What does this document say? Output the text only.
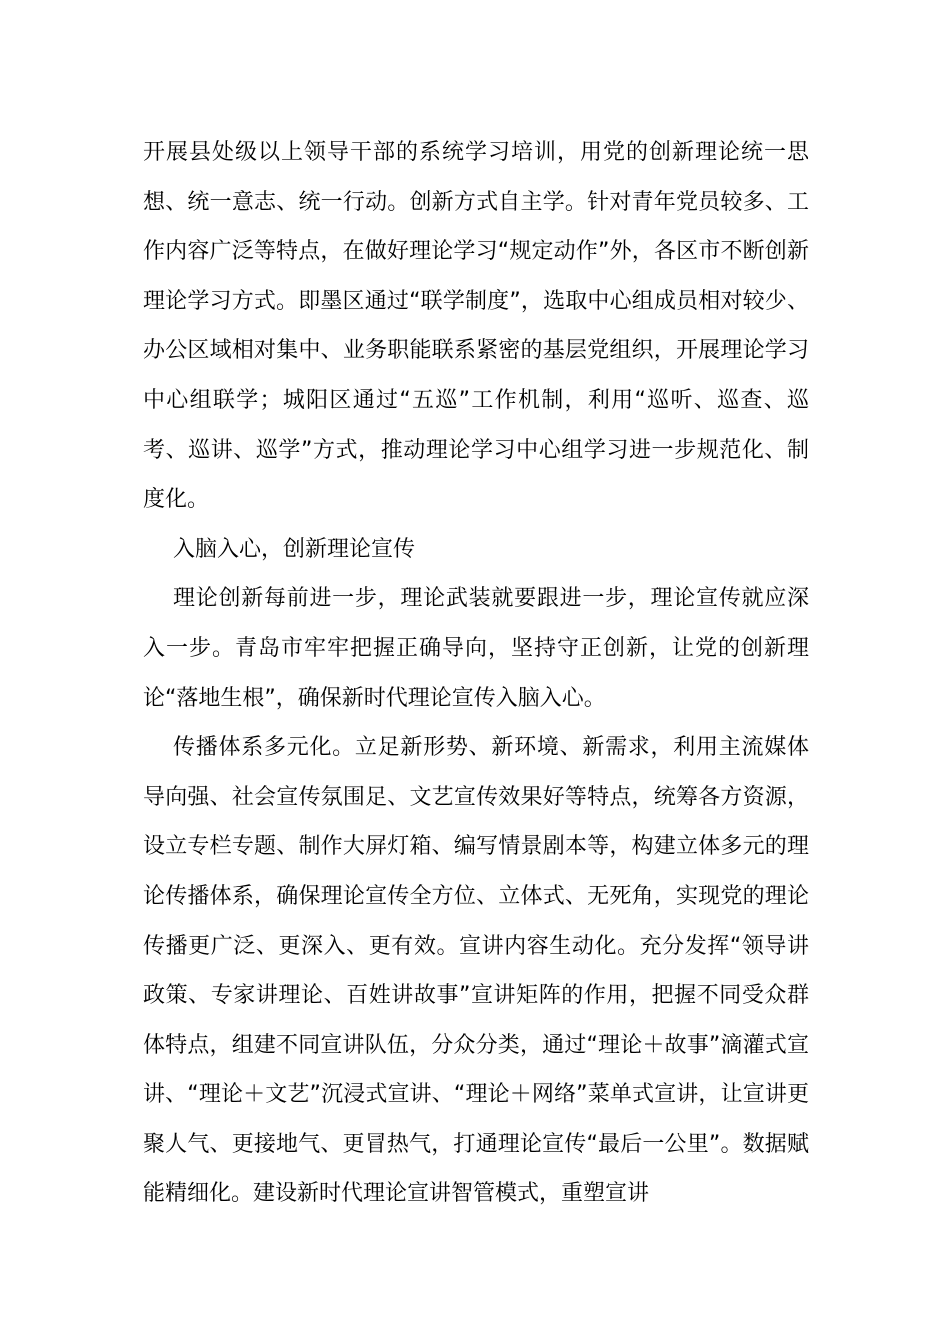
开展县处级以上领导干部的系统学习培训，用党的创新理论统一思想、统一意志、统一行动。创新方式自主学。针对青年党员较多、工作内容广泛等特点，在做好理论学习“规定动作”外，各区市不断创新理论学习方式。即墨区通过“联学制度”，选取中心组成员相对较少、办公区域相对集中、业务职能联系紧密的基层党组织，开展理论学习中心组联学；城阳区通过“五巡”工作机制，利用“巡听、巡查、巡考、巡讲、巡学”方式，推动理论学习中心组学习进一步规范化、制度化。

入脑入心，创新理论宣传

理论创新每前进一步，理论武装就要跟进一步，理论宣传就应深入一步。青岛市牢牢把握正确导向，坚持守正创新，让党的创新理论“落地生根”，确保新时代理论宣传入脑入心。

传播体系多元化。立足新形势、新环境、新需求，利用主流媒体导向强、社会宣传氛围足、文艺宣传效果好等特点，统筹各方资源，设立专栏专题、制作大屏灯箱、编写情景剧本等，构建立体多元的理论传播体系，确保理论宣传全方位、立体式、无死角，实现党的理论传播更广泛、更深入、更有效。宣讲内容生动化。充分发挥“领导讲政策、专家讲理论、百姓讲故事”宣讲矩阵的作用，把握不同受众群体特点，组建不同宣讲队伍，分众分类，通过“理论＋故事”滴灌式宣讲、“理论＋文艺”沉浸式宣讲、“理论＋网络”菜单式宣讲，让宣讲更聚人气、更接地气、更冒热气，打通理论宣传“最后一公里”。数据赋能精细化。建设新时代理论宣讲智管模式，重塑宣讲
